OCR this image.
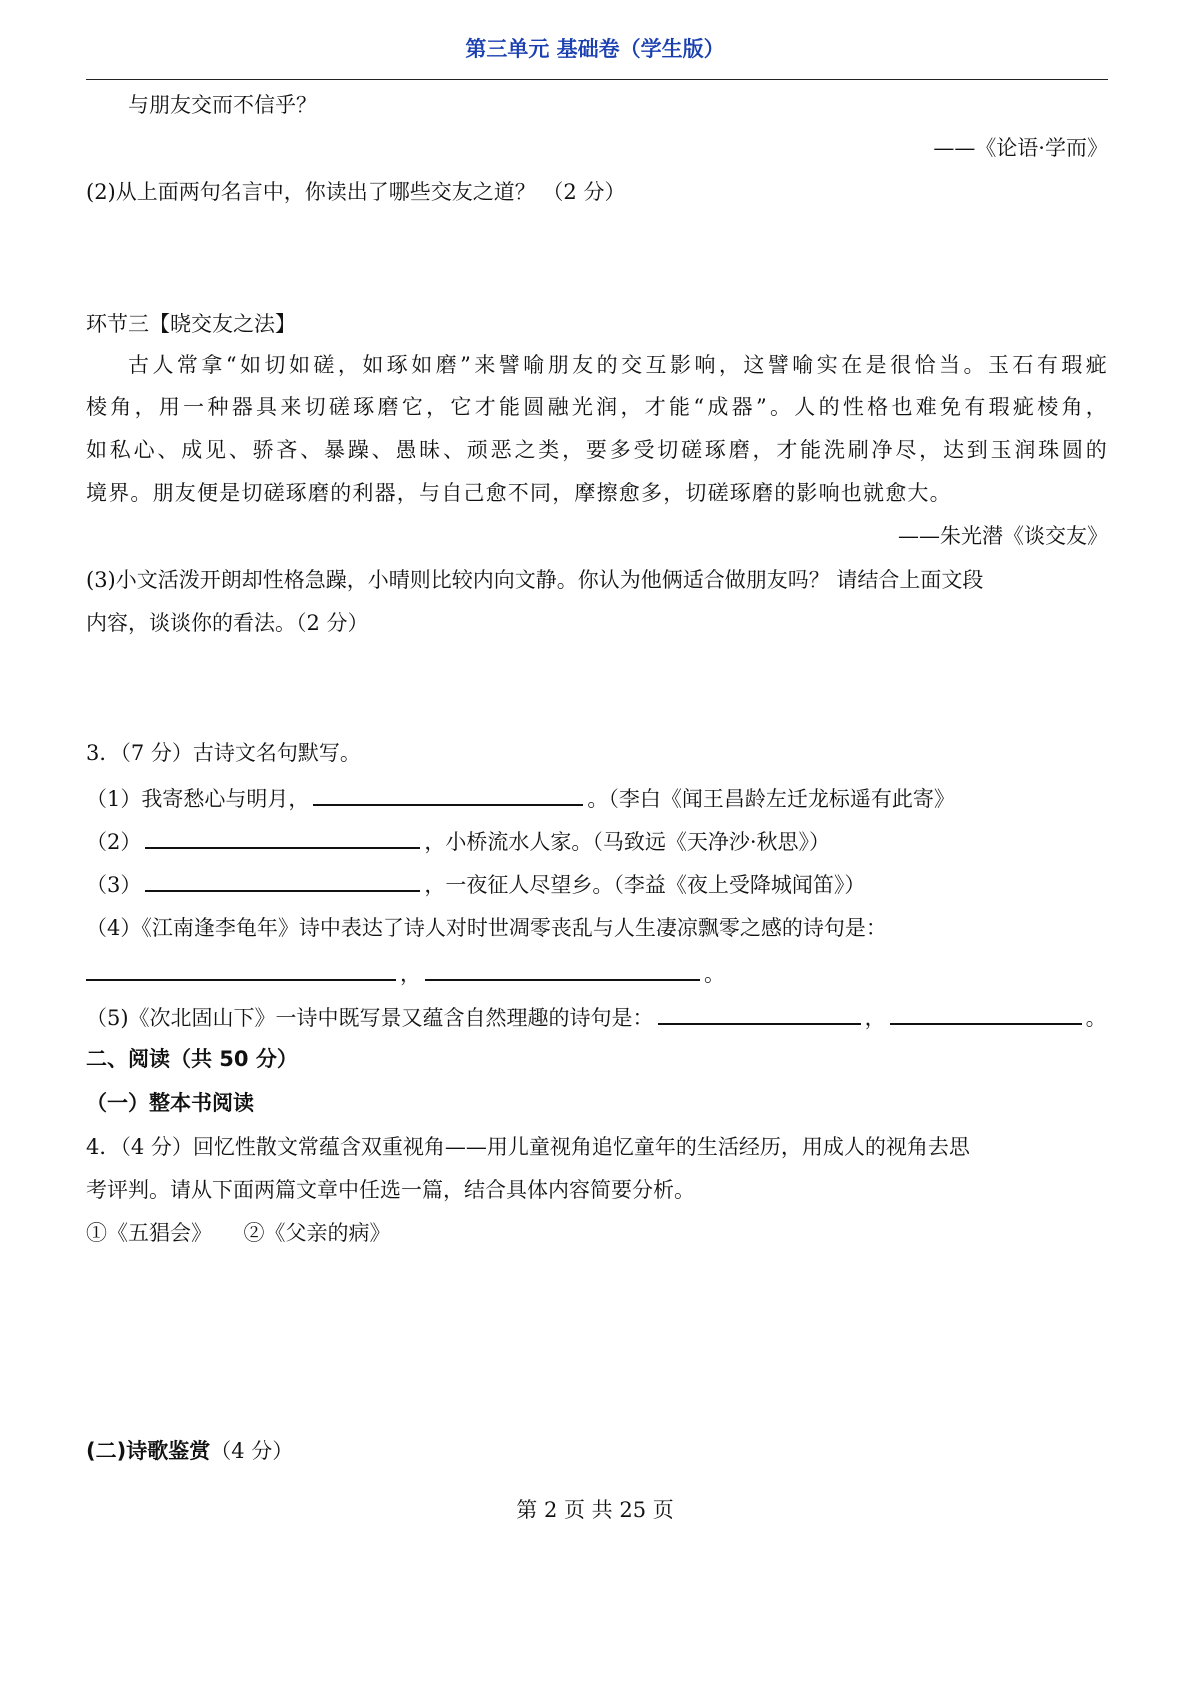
第三单元 基础卷（学生版）
与朋友交而不信乎？
——《论语·学而》
(2)从上面两句名言中，你读出了哪些交友之道？ （2 分）
环节三【晓交友之法】
古人常拿“如切如磋，如琢如磨”来譬喻朋友的交互影响，这譬喻实在是很恰当。玉石有瑕疵
棱角，用一种器具来切磋琢磨它，它才能圆融光润，才能“成器”。人的性格也难免有瑕疵棱角，
如私心、成见、骄吝、暴躁、愚昧、顽恶之类，要多受切磋琢磨，才能洗刷净尽，达到玉润珠圆的
境界。朋友便是切磋琢磨的利器，与自己愈不同，摩擦愈多，切磋琢磨的影响也就愈大。
——朱光潜《谈交友》
(3)小文活泼开朗却性格急躁，小晴则比较内向文静。你认为他俩适合做朋友吗？ 请结合上面文段
内容，谈谈你的看法。（2 分）
3．（7 分）古诗文名句默写。
（1）我寄愁心与明月，	。（李白《闻王昌龄左迁龙标遥有此寄》
（2）	，小桥流水人家。（马致远《天净沙·秋思》）
（3）	，一夜征人尽望乡。（李益《夜上受降城闻笛》）
（4）《江南逢李龟年》诗中表达了诗人对时世凋零丧乱与人生凄凉飘零之感的诗句是：
，	。
（5)《次北固山下》一诗中既写景又蕴含自然理趣的诗句是：	，	。
二、阅读（共 50 分）
（一）整本书阅读
4．（4 分）回忆性散文常蕴含双重视角——用儿童视角追忆童年的生活经历，用成人的视角去思
考评判。请从下面两篇文章中任选一篇，结合具体内容简要分析。
①《五猖会》　　②《父亲的病》
(二)诗歌鉴赏（4 分）
第 2 页 共 25 页
